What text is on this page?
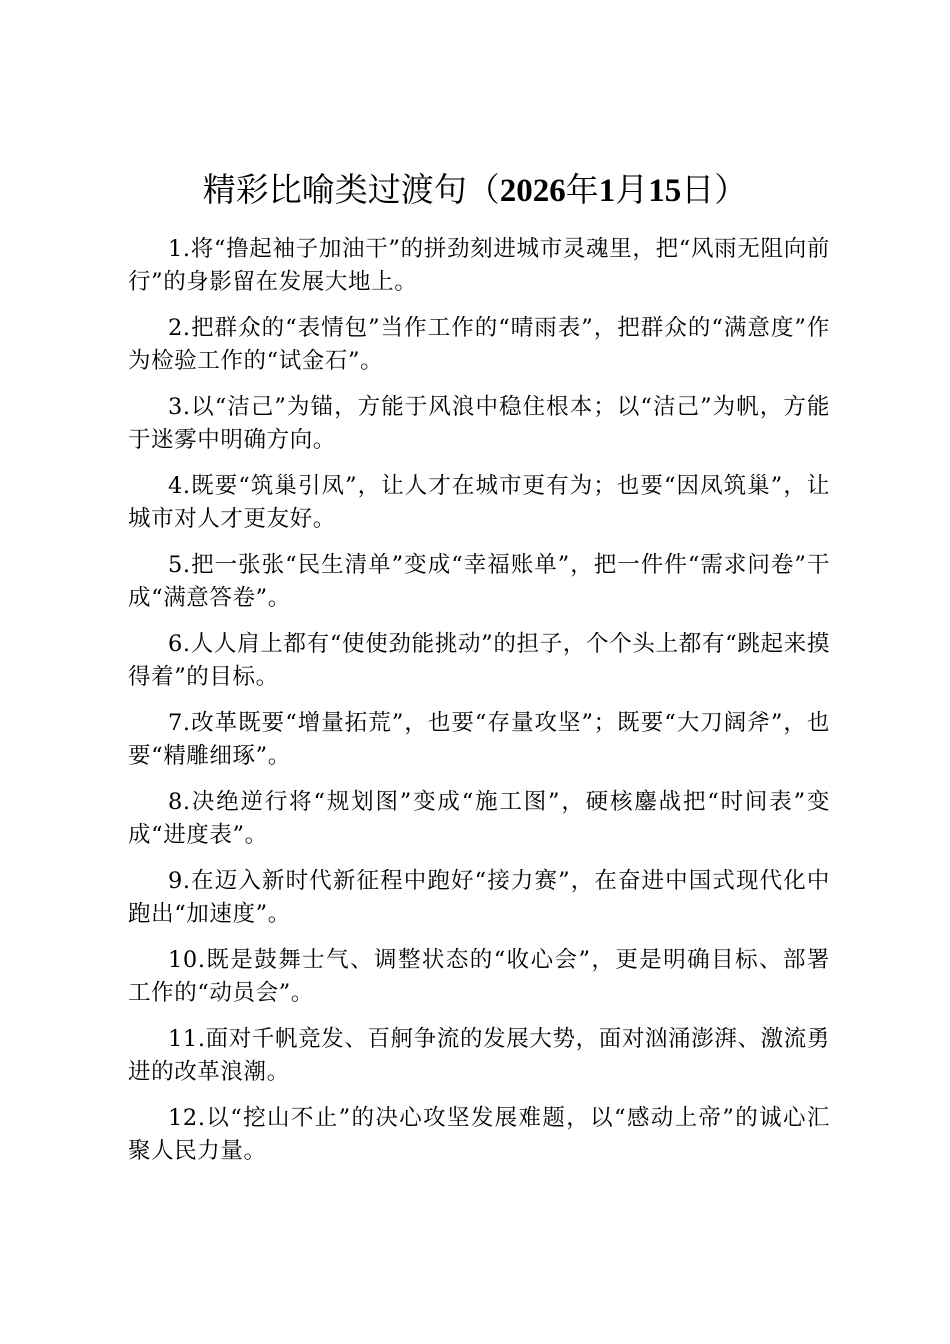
精彩比喻类过渡句（2026年1月15日）

1.将“撸起袖子加油干”的拼劲刻进城市灵魂里，把“风雨无阻向前行”的身影留在发展大地上。

2.把群众的“表情包”当作工作的“晴雨表”，把群众的“满意度”作为检验工作的“试金石”。

3.以“洁己”为锚，方能于风浪中稳住根本；以“洁己”为帆，方能于迷雾中明确方向。

4.既要“筑巢引凤”，让人才在城市更有为；也要“因凤筑巢”，让城市对人才更友好。

5.把一张张“民生清单”变成“幸福账单”，把一件件“需求问卷”干成“满意答卷”。

6.人人肩上都有“使使劲能挑动”的担子，个个头上都有“跳起来摸得着”的目标。

7.改革既要“增量拓荒”，也要“存量攻坚”；既要“大刀阔斧”，也要“精雕细琢”。

8.决绝逆行将“规划图”变成“施工图”，硬核鏖战把“时间表”变成“进度表”。

9.在迈入新时代新征程中跑好“接力赛”，在奋进中国式现代化中跑出“加速度”。

10.既是鼓舞士气、调整状态的“收心会”，更是明确目标、部署工作的“动员会”。

11.面对千帆竞发、百舸争流的发展大势，面对汹涌澎湃、激流勇进的改革浪潮。

12.以“挖山不止”的决心攻坚发展难题，以“感动上帝”的诚心汇聚人民力量。
